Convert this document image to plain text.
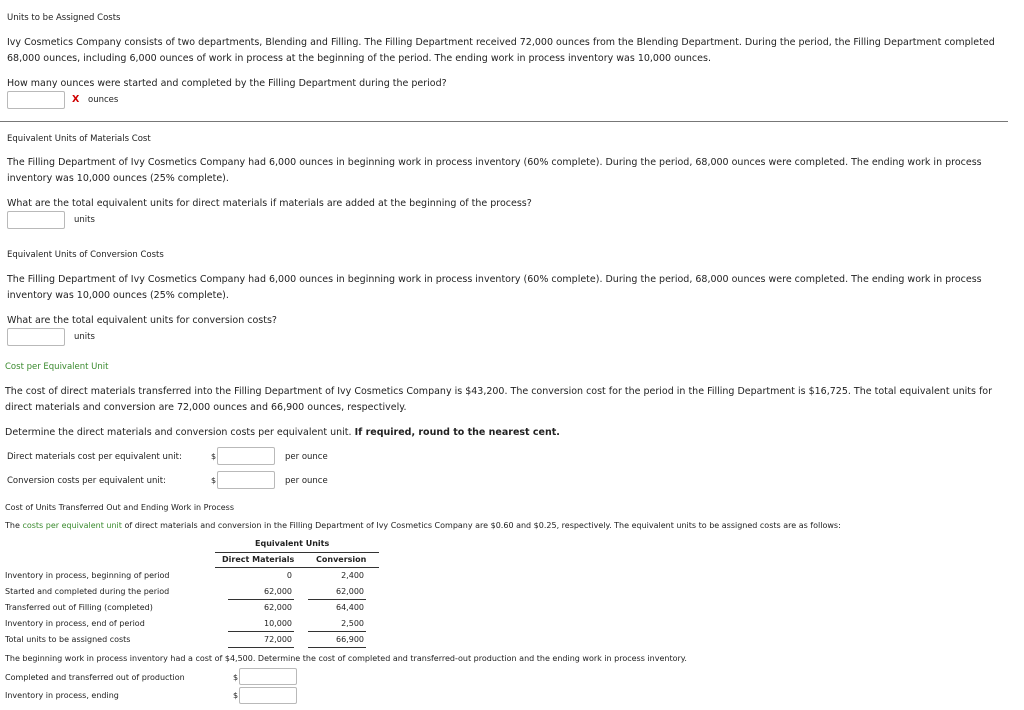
Units to be Assigned Costs
Ivy Cosmetics Company consists of two departments, Blending and Filling. The Filling Department received 72,000 ounces from the Blending Department. During the period, the Filling Department completed 68,000 ounces, including 6,000 ounces of work in process at the beginning of the period. The ending work in process inventory was 10,000 ounces.
How many ounces were started and completed by the Filling Department during the period?
X ounces
Equivalent Units of Materials Cost
The Filling Department of Ivy Cosmetics Company had 6,000 ounces in beginning work in process inventory (60% complete). During the period, 68,000 ounces were completed. The ending work in process inventory was 10,000 ounces (25% complete).
What are the total equivalent units for direct materials if materials are added at the beginning of the process?
units
Equivalent Units of Conversion Costs
The Filling Department of Ivy Cosmetics Company had 6,000 ounces in beginning work in process inventory (60% complete). During the period, 68,000 ounces were completed. The ending work in process inventory was 10,000 ounces (25% complete).
What are the total equivalent units for conversion costs?
units
Cost per Equivalent Unit
The cost of direct materials transferred into the Filling Department of Ivy Cosmetics Company is $43,200. The conversion cost for the period in the Filling Department is $16,725. The total equivalent units for direct materials and conversion are 72,000 ounces and 66,900 ounces, respectively.
Determine the direct materials and conversion costs per equivalent unit. If required, round to the nearest cent.
Direct materials cost per equivalent unit:	$	per ounce
Conversion costs per equivalent unit:	$	per ounce
Cost of Units Transferred Out and Ending Work in Process
The costs per equivalent unit of direct materials and conversion in the Filling Department of Ivy Cosmetics Company are $0.60 and $0.25, respectively. The equivalent units to be assigned costs are as follows:
Equivalent Units
Direct Materials	Conversion
Inventory in process, beginning of period	0	2,400
Started and completed during the period	62,000	62,000
Transferred out of Filling (completed)	62,000	64,400
Inventory in process, end of period	10,000	2,500
Total units to be assigned costs	72,000	66,900
The beginning work in process inventory had a cost of $4,500. Determine the cost of completed and transferred-out production and the ending work in process inventory.
Completed and transferred out of production	$
Inventory in process, ending	$
